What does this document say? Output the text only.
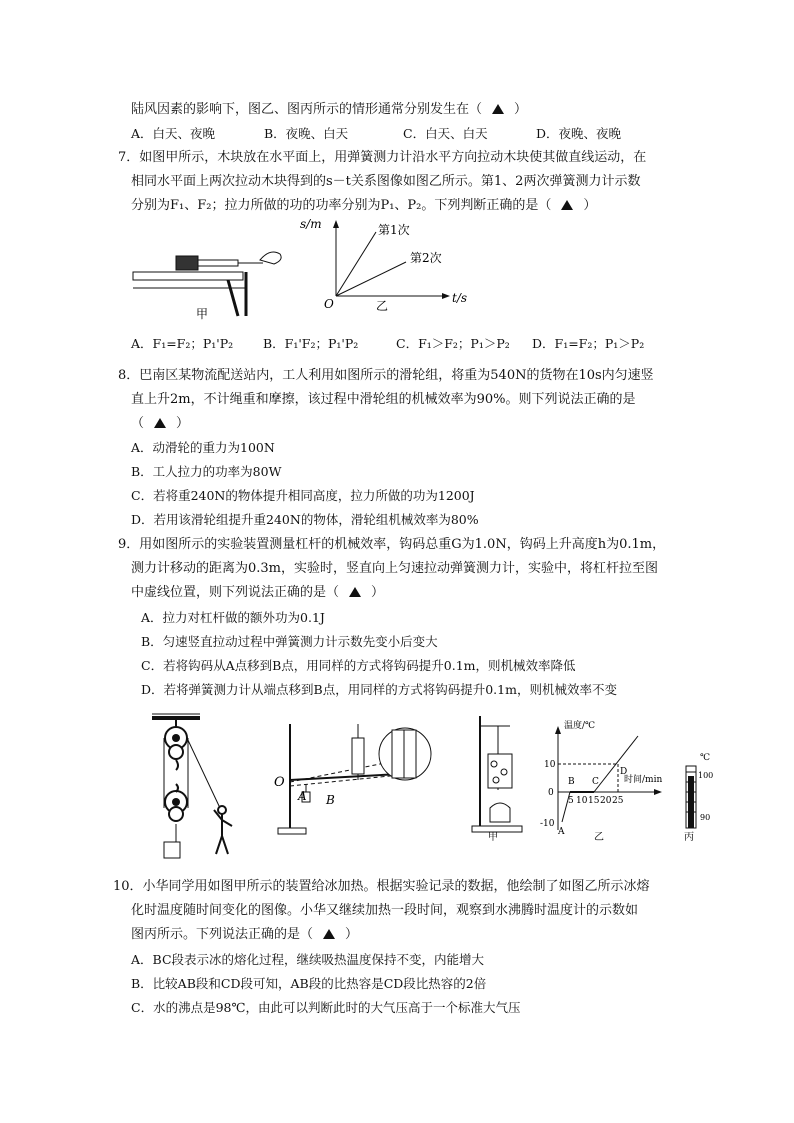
陆风因素的影响下，图乙、图丙所示的情形通常分别发生在（ ）
A．白天、夜晚	B．夜晚、白天	C．白天、白天	D．夜晚、夜晚
7．如图甲所示，木块放在水平面上，用弹簧测力计沿水平方向拉动木块使其做直线运动，在
相同水平面上两次拉动木块得到的s－t关系图像如图乙所示。第1、2两次弹簧测力计示数
分别为F₁、F₂；拉力所做的功的功率分别为P₁、P₂。下列判断正确的是（ ）
甲
s/m
t/s
O	乙
第1次
第2次
A．F₁=F₂；P₁'P₂ B．F₁'F₂；P₁'P₂	C．F₁＞F₂；P₁＞P₂ D．F₁=F₂；P₁＞P₂
8．巴南区某物流配送站内，工人利用如图所示的滑轮组，将重为540N的货物在10s内匀速竖
直上升2m，不计绳重和摩擦，该过程中滑轮组的机械效率为90%。则下列说法正确的是
（ ）
A．动滑轮的重力为100N
B．工人拉力的功率为80W
C．若将重240N的物体提升相同高度，拉力所做的功为1200J
D．若用该滑轮组提升重240N的物体，滑轮组机械效率为80%
9．用如图所示的实验装置测量杠杆的机械效率，钩码总重G为1.0N，钩码上升高度h为0.1m，
测力计移动的距离为0.3m，实验时，竖直向上匀速拉动弹簧测力计，实验中，将杠杆拉至图
中虚线位置，则下列说法正确的是（ ）
A．拉力对杠杆做的额外功为0.1J
B．匀速竖直拉动过程中弹簧测力计示数先变小后变大
C．若将钩码从A点移到B点，用同样的方式将钩码提升0.1m，则机械效率降低
D．若将弹簧测力计从端点移到B点，用同样的方式将钩码提升0.1m，则机械效率不变
O
A B
甲
温度/℃
时间/min
10
0
-10
5 10 15 20 25
A
B C
D
乙
℃
100
90
丙
10．小华同学用如图甲所示的装置给冰加热。根据实验记录的数据，他绘制了如图乙所示冰熔
化时温度随时间变化的图像。小华又继续加热一段时间，观察到水沸腾时温度计的示数如
图丙所示。下列说法正确的是（ ）
A．BC段表示冰的熔化过程，继续吸热温度保持不变，内能增大
B．比较AB段和CD段可知，AB段的比热容是CD段比热容的2倍
C．水的沸点是98℃，由此可以判断此时的大气压高于一个标准大气压
